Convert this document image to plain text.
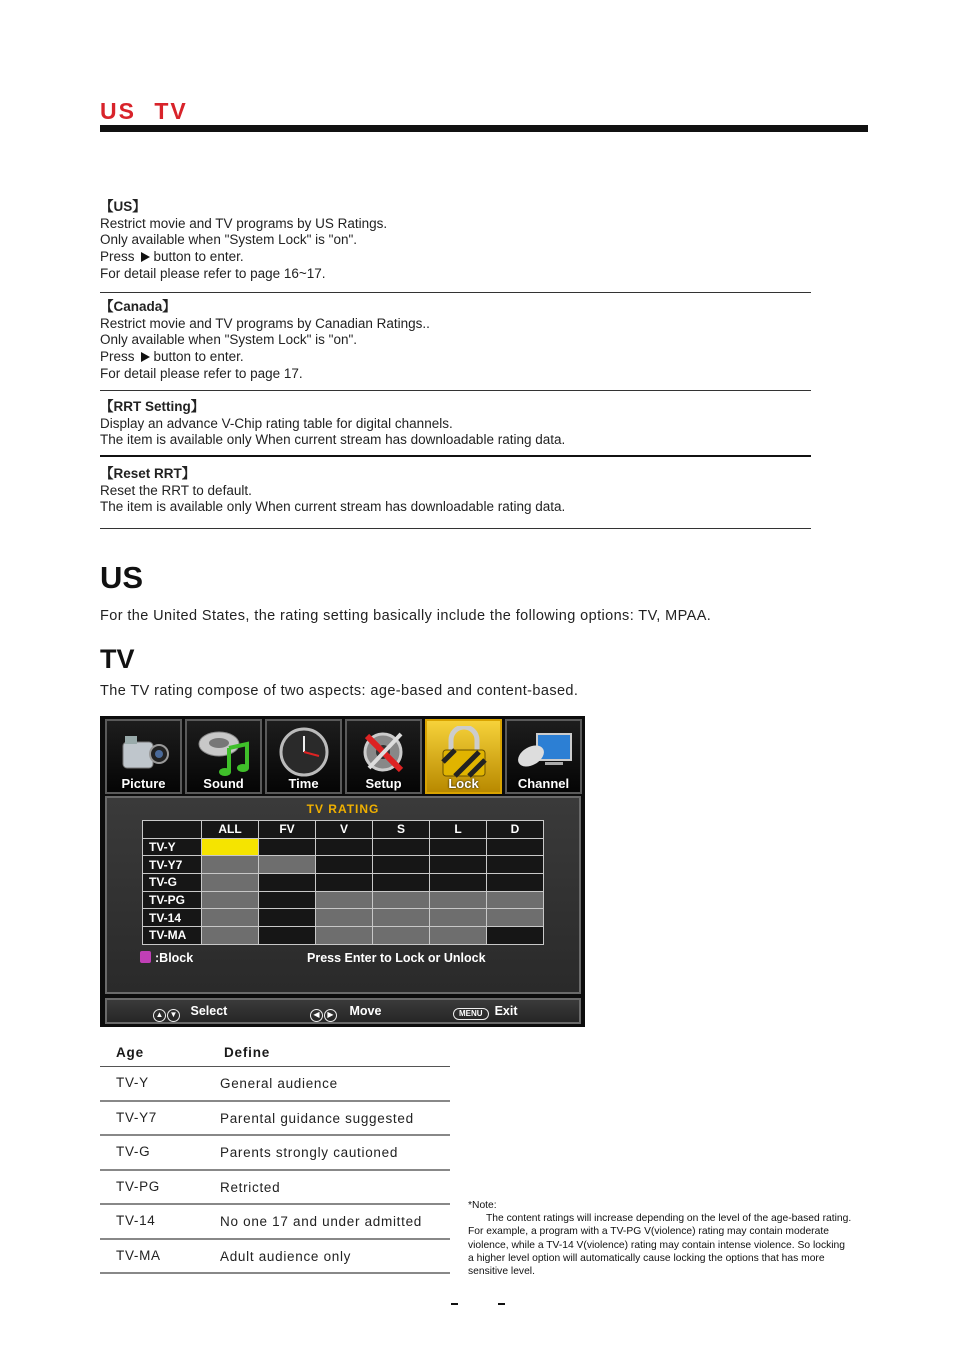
US TV

【US】

Restrict movie and TV programs by US Ratings.

Only available when "System Lock" is "on".

Press button to enter.

For detail please refer to page 16~17.

【Canada】

Restrict movie and TV programs by Canadian Ratings..

Only available when "System Lock" is "on".

Press button to enter.

For detail please refer to page 17.

【RRT Setting】

Display an advance V-Chip rating table for digital channels.

The item is available only When current stream has downloadable rating data.

【Reset RRT】

Reset the RRT to default.

The item is available only When current stream has downloadable rating data.

US
For the United States, the rating setting basically include the following options: TV, MPAA.
TV
The TV rating compose of two aspects: age-based and content-based.
Picture	Sound	Time	Setup	Lock	Channel
TV RATING
	ALL	FV	V	S	L	D
TV-Y						
TV-Y7						
TV-G						
TV-PG						
TV-14						
TV-MA						
:Block	Press Enter to Lock or Unlock
▲ ▼ Select	◀ ▶ Move	MENU Exit
Age	Define
TV-Y	General audience
TV-Y7	Parental guidance suggested
TV-G	Parents strongly cautioned
TV-PG	Retricted
TV-14	No one 17 and under admitted
TV-MA	Adult audience only
*Note:
The content ratings will increase depending on the level of the age-based rating.
For example, a program with a TV-PG V(violence) rating may contain moderate
violence, while a TV-14 V(violence) rating may contain intense violence. So locking
a higher level option will automatically cause locking the options that has more
sensitive level.
